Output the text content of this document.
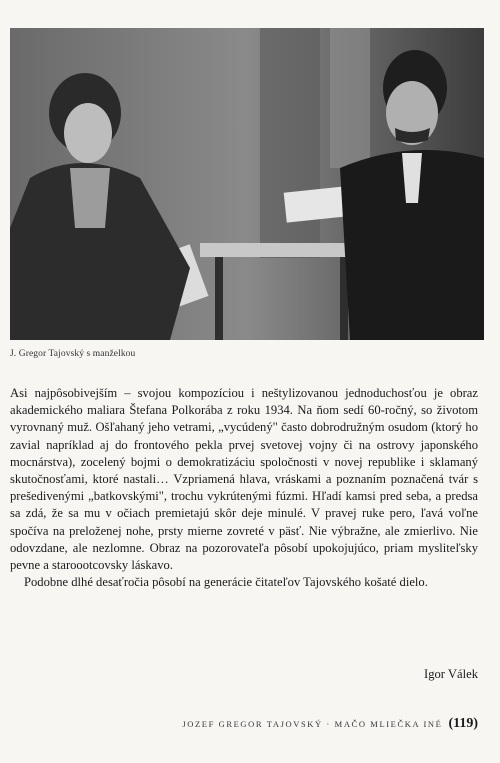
J. Gregor Tajovský s manželkou

Asi najpôsobivejším – svojou kompozíciou i neštylizovanou jednoduchosťou je obraz akademického maliara Štefana Polkorába z roku 1934. Na ňom sedí 60-ročný, so životom vyrovnaný muž. Ošľahaný jeho vetrami, „vycúdený" často dobrodružným osudom (ktorý ho zavial napríklad aj do frontového pekla prvej svetovej vojny či na ostrovy japonského mocnárstva), zocelený bojmi o demokratizáciu spoločnosti v novej republike i sklamaný skutočnosťami, ktoré nastali… Vzpriamená hlava, vráskami a poznaním poznačená tvár s prešedivenými „batkovskými", trochu vykrútenými fúzmi. Hľadí kamsi pred seba, a predsa sa zdá, že sa mu v očiach premietajú skôr deje minulé. V pravej ruke pero, ľavá voľne spočíva na preloženej nohe, prsty mierne zovreté v päsť. Nie výbražne, ale zmierlivo. Nie odovzdane, ale nezlomne. Obraz na pozorovateľa pôsobí upokojujúco, priam mysliteľsky pevne a staroootcovsky láskavo.

Podobne dlhé desaťročia pôsobí na generácie čitateľov Tajovského košaté dielo.

Igor Válek
JOZEF GREGOR TAJOVSKÝ · MAČO MLIEČKA INÉ (119)
